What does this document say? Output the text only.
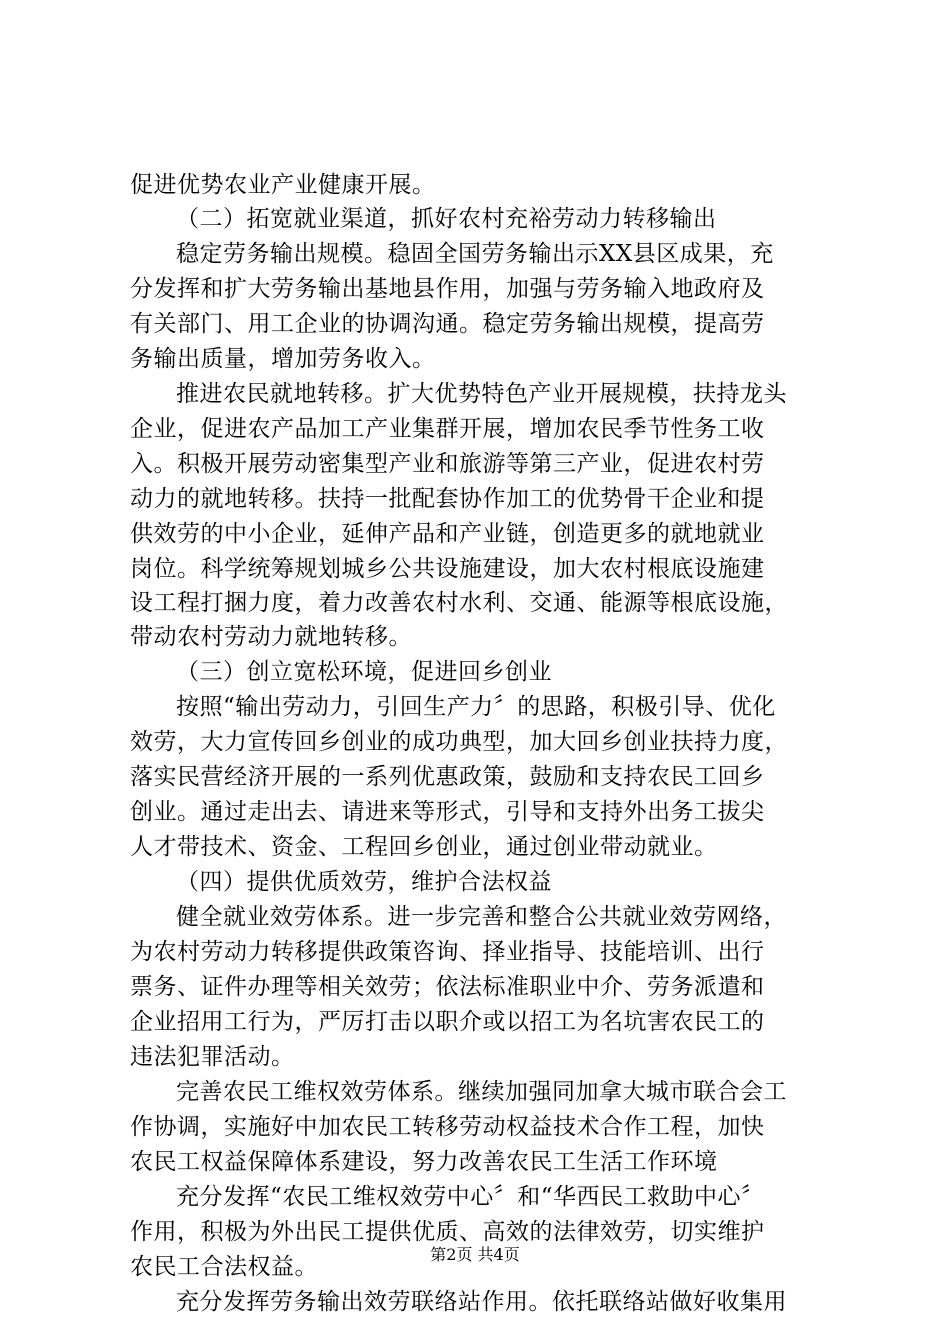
促进优势农业产业健康开展。
（二）拓宽就业渠道，抓好农村充裕劳动力转移输出
稳定劳务输出规模。稳固全国劳务输出示XX县区成果，充
分发挥和扩大劳务输出基地县作用，加强与劳务输入地政府及
有关部门、用工企业的协调沟通。稳定劳务输出规模，提高劳
务输出质量，增加劳务收入。
推进农民就地转移。扩大优势特色产业开展规模，扶持龙头
企业，促进农产品加工产业集群开展，增加农民季节性务工收
入。积极开展劳动密集型产业和旅游等第三产业，促进农村劳
动力的就地转移。扶持一批配套协作加工的优势骨干企业和提
供效劳的中小企业，延伸产品和产业链，创造更多的就地就业
岗位。科学统筹规划城乡公共设施建设，加大农村根底设施建
设工程打捆力度，着力改善农村水利、交通、能源等根底设施，
带动农村劳动力就地转移。
（三）创立宽松环境，促进回乡创业
按照“输出劳动力，引回生产力〞的思路，积极引导、优化
效劳，大力宣传回乡创业的成功典型，加大回乡创业扶持力度，
落实民营经济开展的一系列优惠政策，鼓励和支持农民工回乡
创业。通过走出去、请进来等形式，引导和支持外出务工拔尖
人才带技术、资金、工程回乡创业，通过创业带动就业。
（四）提供优质效劳，维护合法权益
健全就业效劳体系。进一步完善和整合公共就业效劳网络，
为农村劳动力转移提供政策咨询、择业指导、技能培训、出行
票务、证件办理等相关效劳；依法标准职业中介、劳务派遣和
企业招用工行为，严厉打击以职介或以招工为名坑害农民工的
违法犯罪活动。
完善农民工维权效劳体系。继续加强同加拿大城市联合会工
作协调，实施好中加农民工转移劳动权益技术合作工程，加快
农民工权益保障体系建设，努力改善农民工生活工作环境
充分发挥“农民工维权效劳中心〞和“华西民工救助中心〞
作用，积极为外出民工提供优质、高效的法律效劳，切实维护
农民工合法权益。
充分发挥劳务输出效劳联络站作用。依托联络站做好收集用
第2页 共4页
